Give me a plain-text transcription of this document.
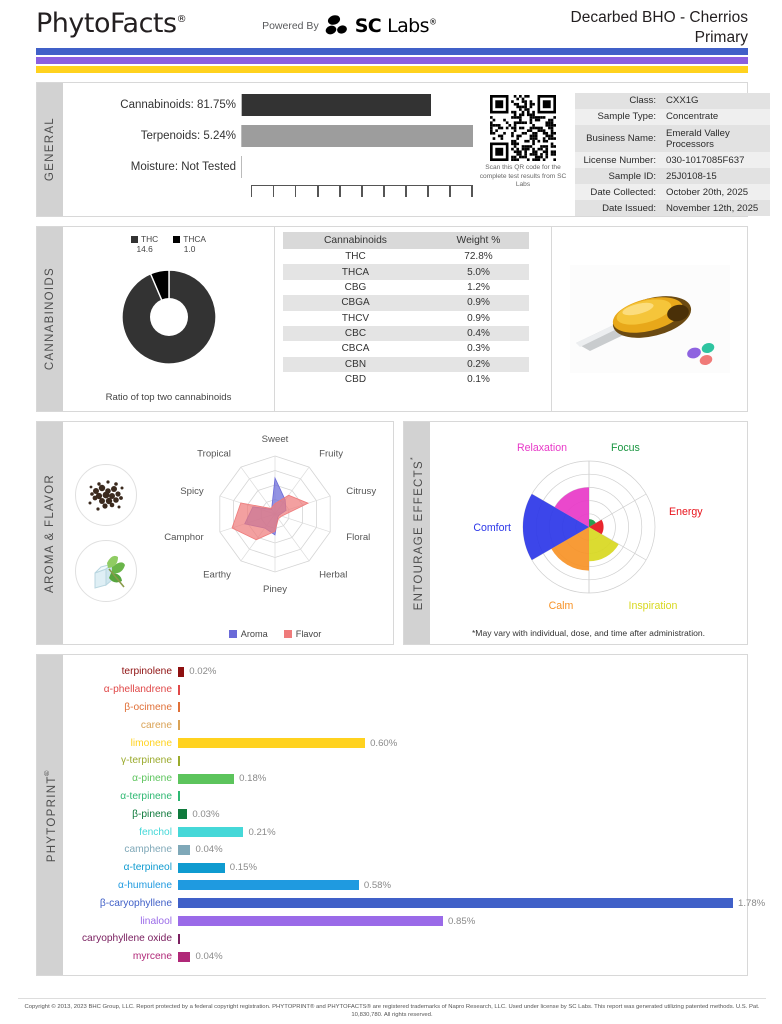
PhytoFacts®
Powered By SC Labs®	Decarbed BHO - Cherrios Primary
GENERAL
Cannabinoids: 81.75%
Terpenoids: 5.24%
Moisture: Not Tested	Scan this QR code for the complete test results from SC Labs
Class:	CXX1G
Sample Type:	Concentrate
Business Name:	Emerald Valley Processors
License Number:	030-1017085F637
Sample ID:	25J0108-15
Date Collected:	October 20th, 2025
Date Issued:	November 12th, 2025
CANNABINOIDS
THC
14.6
THCA
1.0
Ratio of top two cannabinoids
Cannabinoids	Weight %
THC	72.8%
THCA	5.0%
CBG	1.2%
CBGA	0.9%
THCV	0.9%
CBC	0.4%
CBCA	0.3%
CBN	0.2%
CBD	0.1%
AROMA & FLAVOR
Sweet
Fruity
Citrusy
Floral
Herbal
Piney
Earthy
Camphor
Spicy
Tropical
Aroma	Flavor
ENTOURAGE EFFECTS*
Focus
Energy
Inspiration
Calm
Comfort
Relaxation
*May vary with individual, dose, and time after administration.
PHYTOPRINT®
terpinolene	0.02%
α-phellandrene
β-ocimene
carene
limonene	0.60%
γ-terpinene
α-pinene	0.18%
α-terpinene
β-pinene	0.03%
fenchol	0.21%
camphene	0.04%
α-terpineol	0.15%
α-humulene	0.58%
β-caryophyllene	1.78%
linalool	0.85%
caryophyllene oxide
myrcene	0.04%
Copyright © 2013, 2023 BHC Group, LLC. Report protected by a federal copyright registration. PHYTOPRINT® and PHYTOFACTS® are registered trademarks of Napro Research, LLC. Used under license by SC Labs. This report was generated utilizing patented methods. U.S. Pat. 10,830,780. All rights reserved.
